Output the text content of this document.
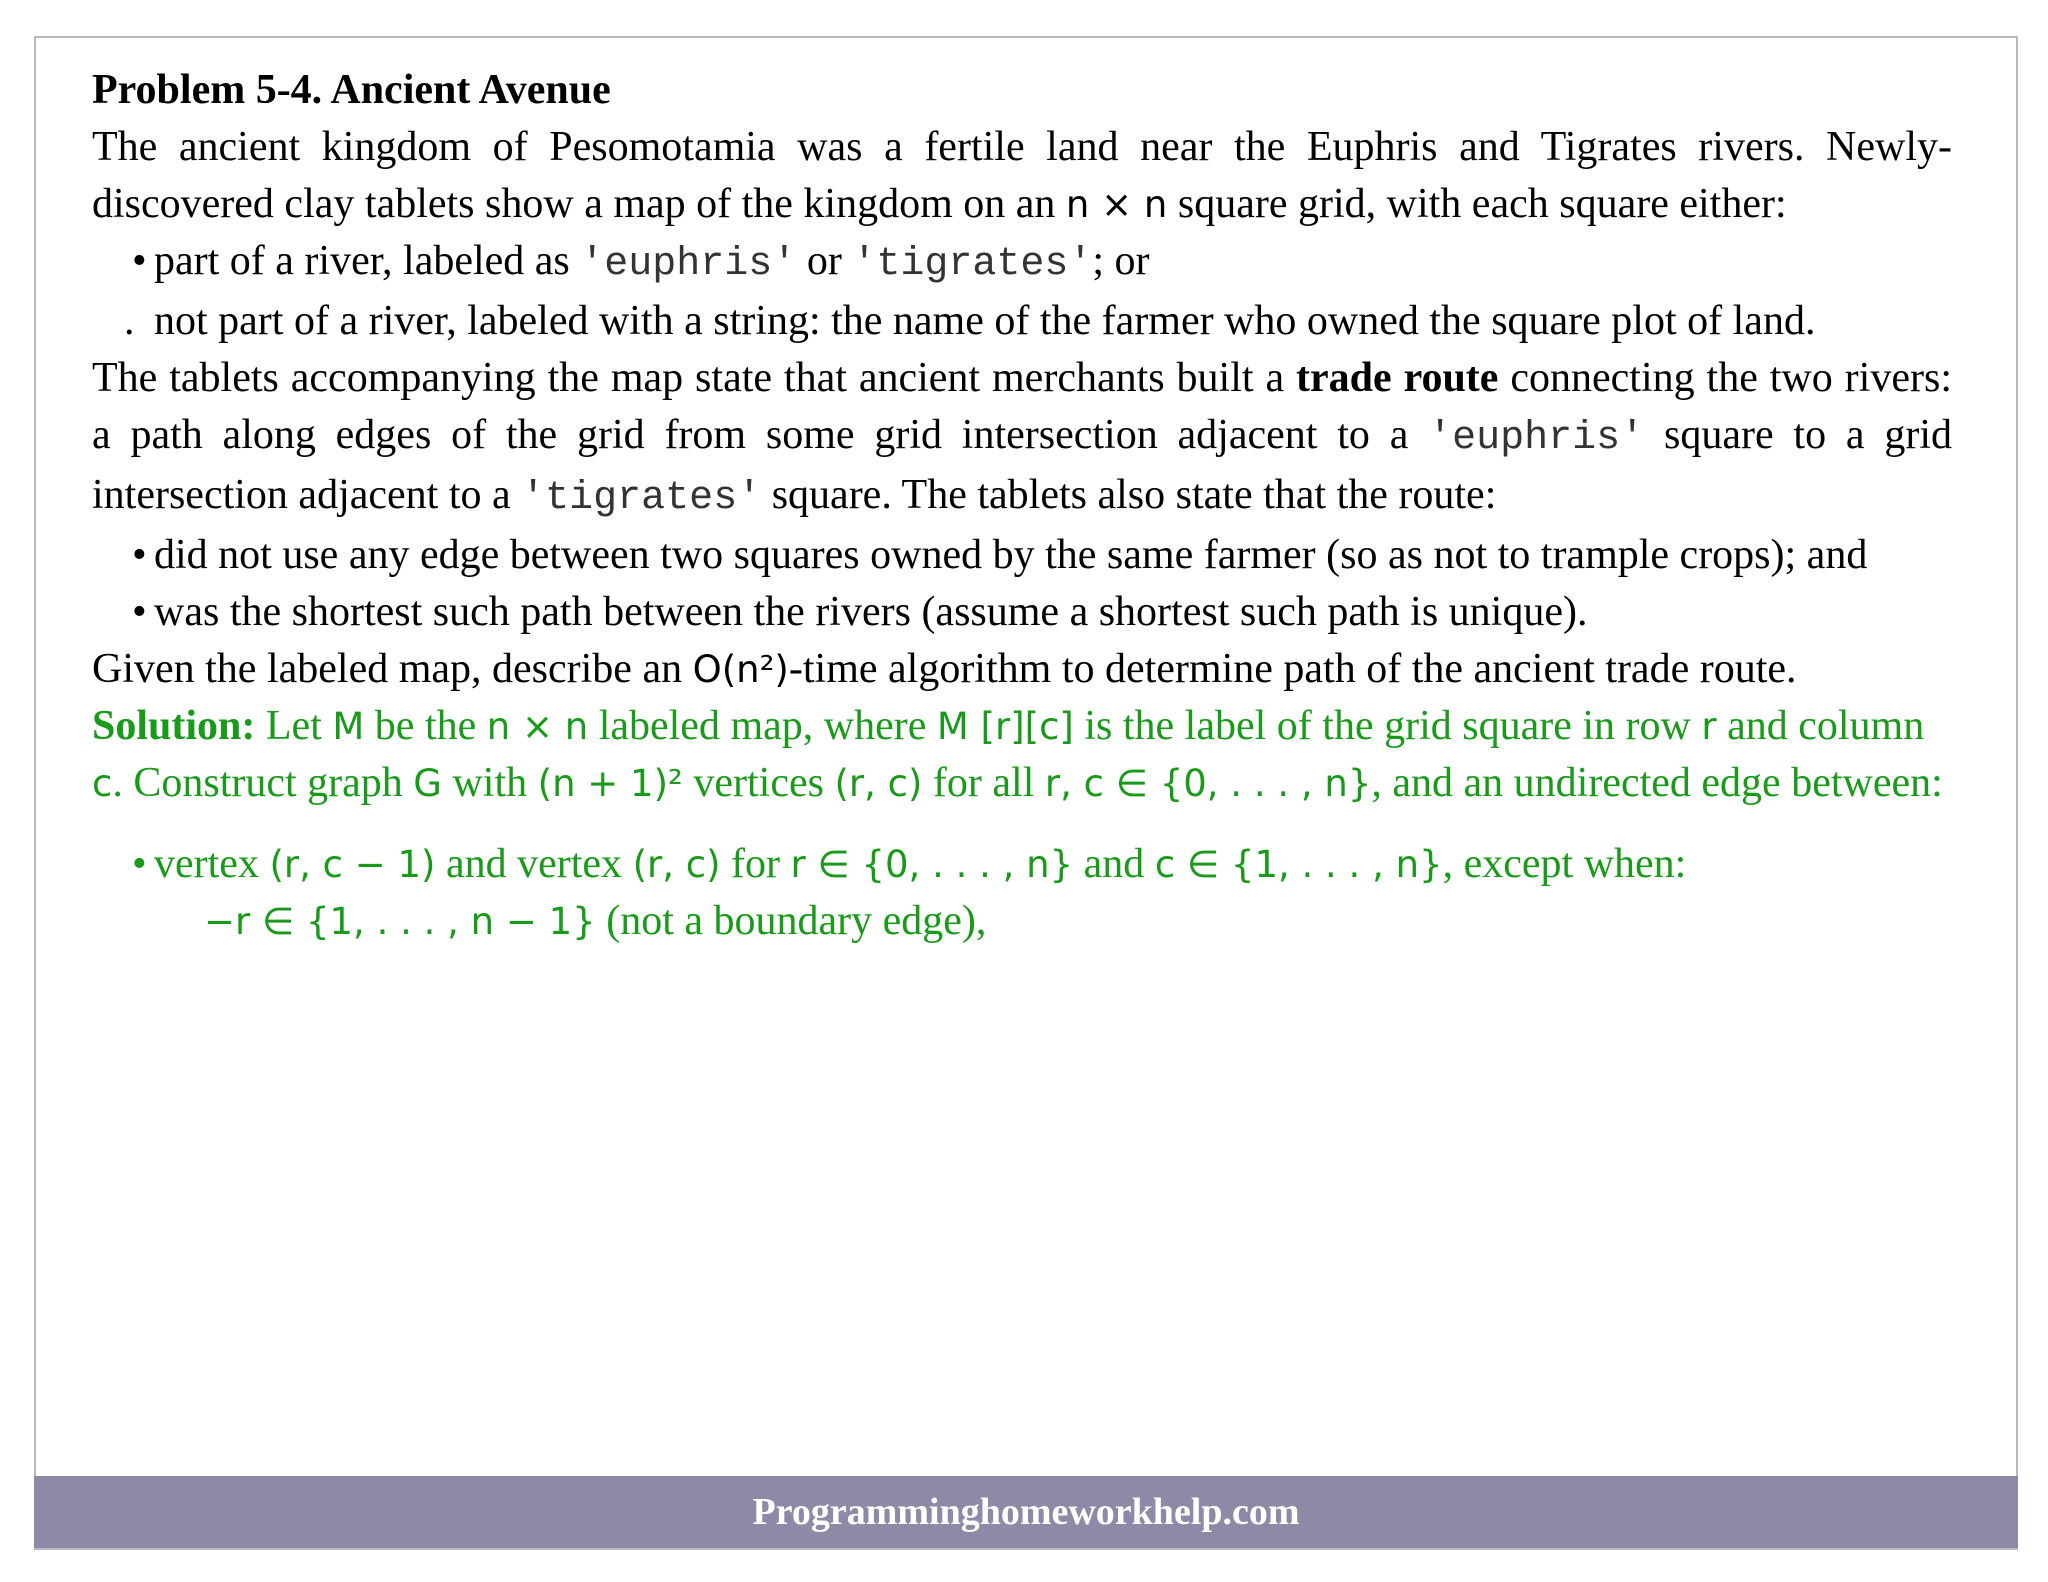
Problem 5-4. Ancient Avenue

The ancient kingdom of Pesomotamia was a fertile land near the Euphris and Tigrates rivers. Newly- discovered clay tablets show a map of the kingdom on an n × n square grid, with each square either:

• part of a river, labeled as 'euphris' or 'tigrates'; or

. not part of a river, labeled with a string: the name of the farmer who owned the square plot of land.

The tablets accompanying the map state that ancient merchants built a trade route connecting the two rivers: a path along edges of the grid from some grid intersection adjacent to a 'euphris' square to a grid intersection adjacent to a 'tigrates' square. The tablets also state that the route:

• did not use any edge between two squares owned by the same farmer (so as not to trample crops); and

• was the shortest such path between the rivers (assume a shortest such path is unique).

Given the labeled map, describe an O(n²)-time algorithm to determine path of the ancient trade route.

Solution: Let M be the n × n labeled map, where M [r][c] is the label of the grid square in row r and column c. Construct graph G with (n + 1)² vertices (r, c) for all r, c ∈ {0, . . . , n}, and an undirected edge between:

• vertex (r, c − 1) and vertex (r, c) for r ∈ {0, . . . , n} and c ∈ {1, . . . , n}, except when:

−r ∈ {1, . . . , n − 1} (not a boundary edge),

Programminghomeworkhelp.com
